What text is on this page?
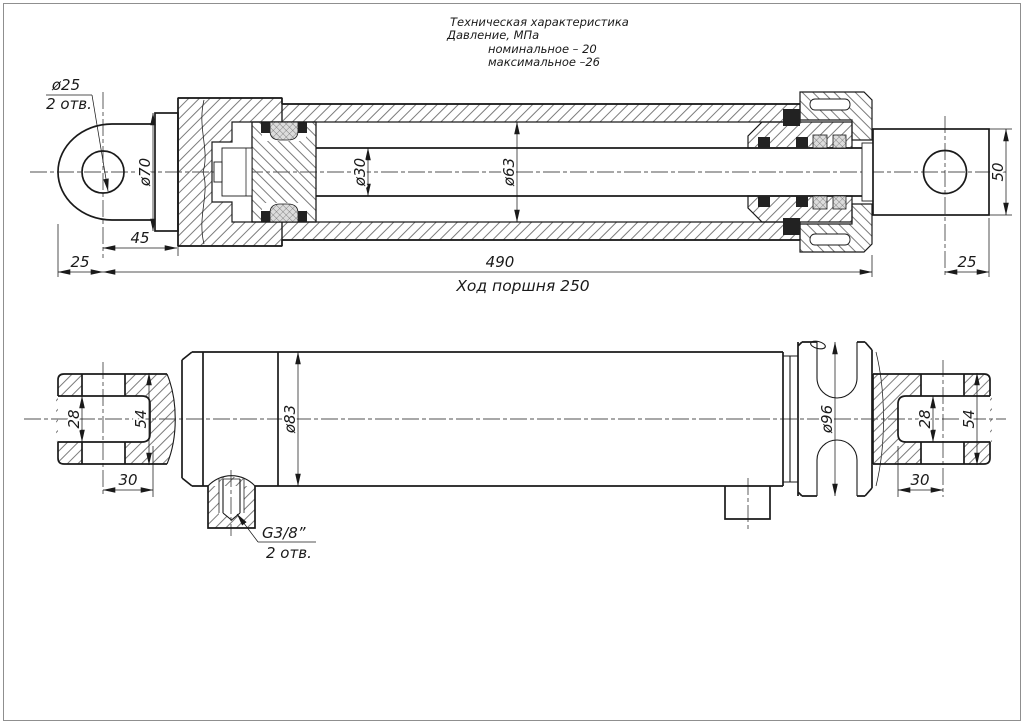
Техническая характеристика
Давление, МПа
номинальное – 20
максимальное –26
ø25
2 отв.
ø70
45
25
ø30	ø63
490	25
50
Ход поршня 250
28	54
30
ø83	ø96	28 54
30
G3/8”
2 отв.
